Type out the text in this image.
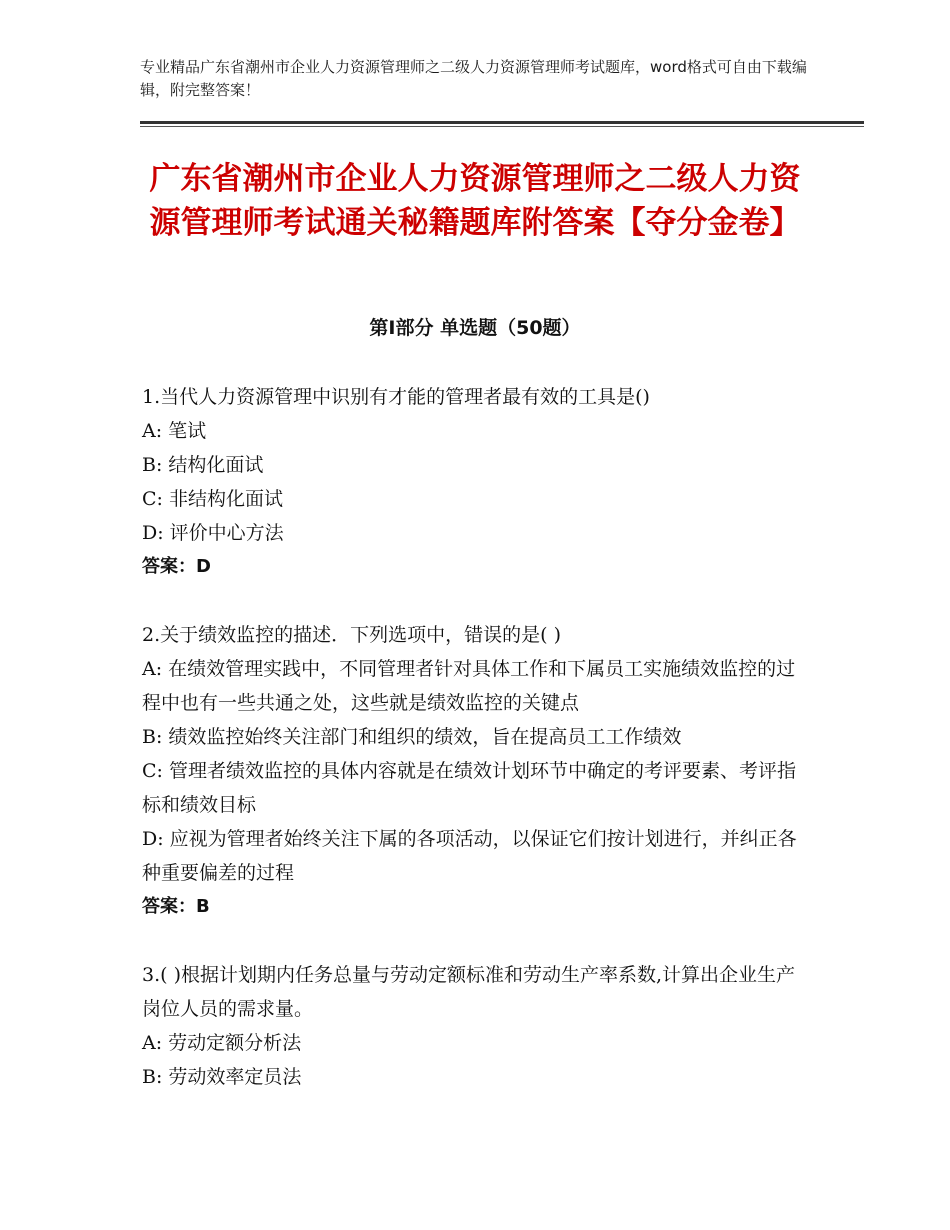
专业精品广东省潮州市企业人力资源管理师之二级人力资源管理师考试题库，word格式可自由下载编辑，附完整答案！
广东省潮州市企业人力资源管理师之二级人力资源管理师考试通关秘籍题库附答案【夺分金卷】
第Ⅰ部分 单选题（50题）

1.当代人力资源管理中识别有才能的管理者最有效的工具是()

A: 笔试

B: 结构化面试

C: 非结构化面试

D: 评价中心方法

答案：D

2.关于绩效监控的描述．下列选项中，错误的是( )

A: 在绩效管理实践中，不同管理者针对具体工作和下属员工实施绩效监控的过程中也有一些共通之处，这些就是绩效监控的关键点

B: 绩效监控始终关注部门和组织的绩效，旨在提高员工工作绩效

C: 管理者绩效监控的具体内容就是在绩效计划环节中确定的考评要素、考评指标和绩效目标

D: 应视为管理者始终关注下属的各项活动，以保证它们按计划进行，并纠正各种重要偏差的过程

答案：B

3.( )根据计划期内任务总量与劳动定额标准和劳动生产率系数,计算出企业生产岗位人员的需求量。

A: 劳动定额分析法

B: 劳动效率定员法
